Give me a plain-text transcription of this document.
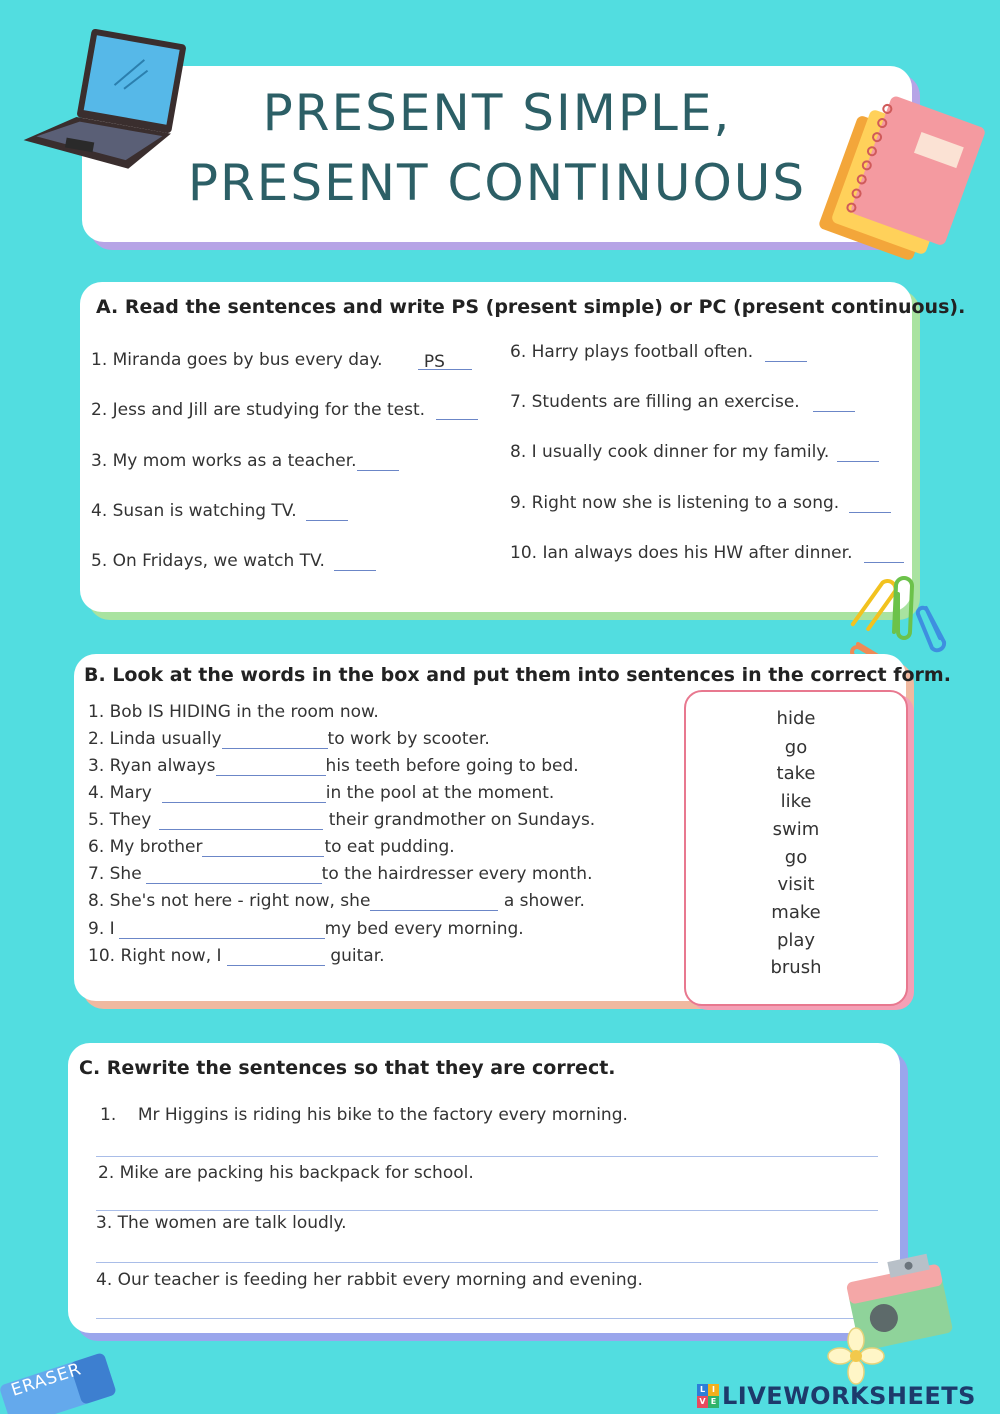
PRESENT SIMPLE,
PRESENT CONTINUOUS
A. Read the sentences and write PS (present simple) or PC (present continuous).
1. Miranda goes by bus every day. PS
2. Jess and Jill are studying for the test.
3. My mom works as a teacher.
4. Susan is watching TV.
5. On Fridays, we watch TV.
6. Harry plays football often.
7. Students are filling an exercise.
8. I usually cook dinner for my family.
9. Right now she is listening to a song.
10. Ian always does his HW after dinner.
B. Look at the words in the box and put them into sentences in the correct form.
1. Bob IS HIDING in the room now.
2. Linda usually	to work by scooter.
3. Ryan always	his teeth before going to bed.
4. Mary	in the pool at the moment.
5. They	their grandmother on Sundays.
6. My brother	to eat pudding.
7. She	to the hairdresser every month.
8. She's not here - right now, she	a shower.
9. I	my bed every morning.
10. Right now, I	guitar.
hide
go
take
like
swim
go
visit
make
play
brush
C. Rewrite the sentences so that they are correct.
1.    Mr Higgins is riding his bike to the factory every morning.
2. Mike are packing his backpack for school.
3. The women are talk loudly.
4. Our teacher is feeding her rabbit every morning and evening.
ERASER	L I
V E LIVEWORKSHEETS
